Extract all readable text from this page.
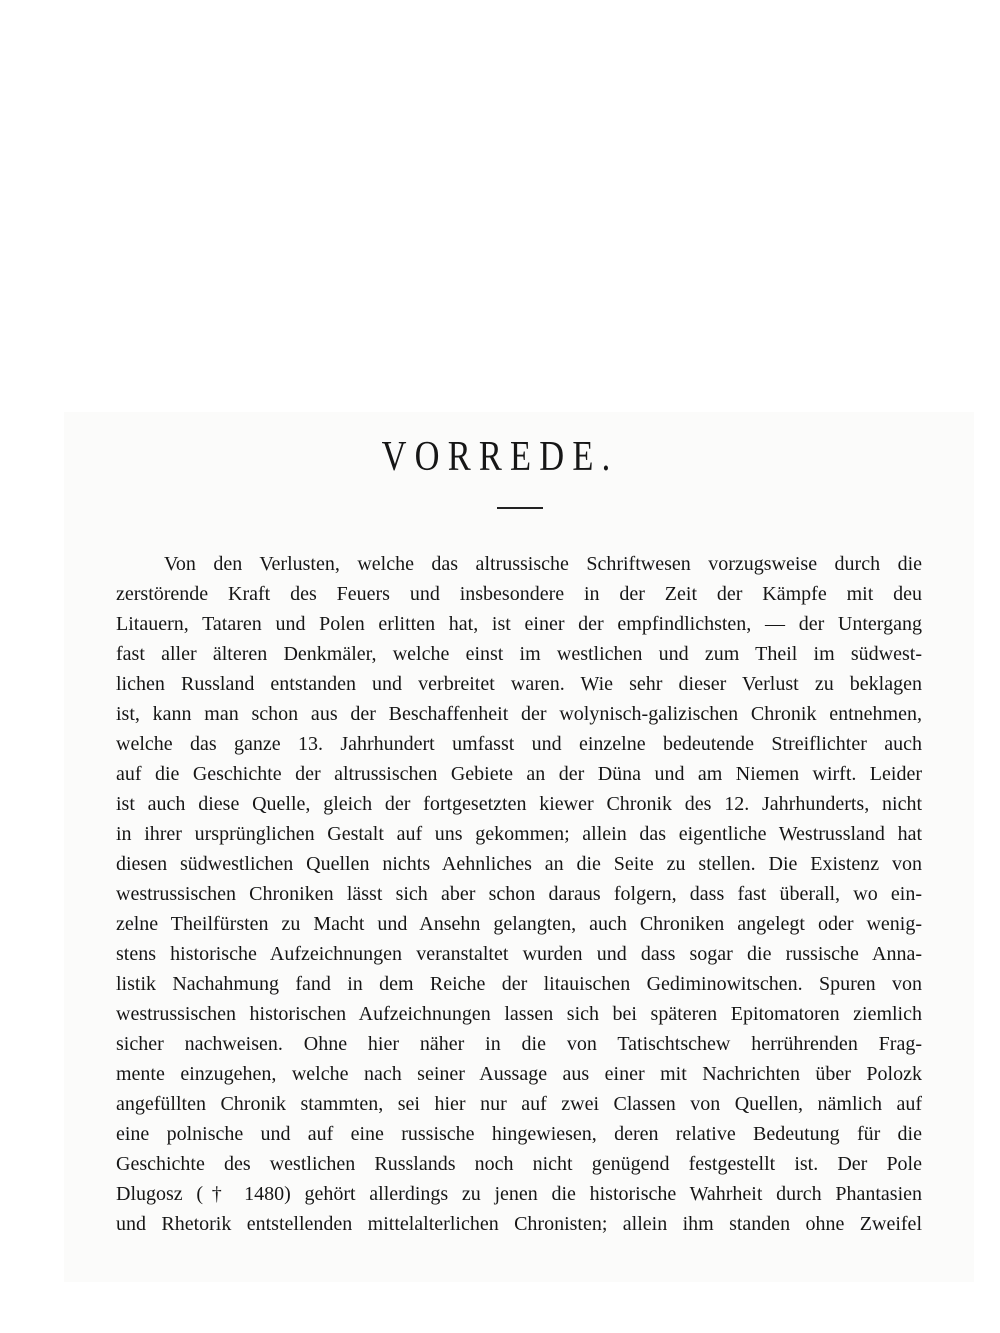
VORREDE.
Von den Verlusten, welche das altrussische Schriftwesen vorzugsweise durch die
zerstörende Kraft des Feuers und insbesondere in der Zeit der Kämpfe mit deu
Litauern, Tataren und Polen erlitten hat, ist einer der empfindlichsten, — der Untergang
fast aller älteren Denkmäler, welche einst im westlichen und zum Theil im südwest-
lichen Russland entstanden und verbreitet waren. Wie sehr dieser Verlust zu beklagen
ist, kann man schon aus der Beschaffenheit der wolynisch-galizischen Chronik entnehmen,
welche das ganze 13. Jahrhundert umfasst und einzelne bedeutende Streiflichter auch
auf die Geschichte der altrussischen Gebiete an der Düna und am Niemen wirft. Leider
ist auch diese Quelle, gleich der fortgesetzten kiewer Chronik des 12. Jahrhunderts, nicht
in ihrer ursprünglichen Gestalt auf uns gekommen; allein das eigentliche Westrussland hat
diesen südwestlichen Quellen nichts Aehnliches an die Seite zu stellen. Die Existenz von
westrussischen Chroniken lässt sich aber schon daraus folgern, dass fast überall, wo ein-
zelne Theilfürsten zu Macht und Ansehn gelangten, auch Chroniken angelegt oder wenig-
stens historische Aufzeichnungen veranstaltet wurden und dass sogar die russische Anna-
listik Nachahmung fand in dem Reiche der litauischen Gediminowitschen. Spuren von
westrussischen historischen Aufzeichnungen lassen sich bei späteren Epitomatoren ziemlich
sicher nachweisen. Ohne hier näher in die von Tatischtschew herrührenden Frag-
mente einzugehen, welche nach seiner Aussage aus einer mit Nachrichten über Polozk
angefüllten Chronik stammten, sei hier nur auf zwei Classen von Quellen, nämlich auf
eine polnische und auf eine russische hingewiesen, deren relative Bedeutung für die
Geschichte des westlichen Russlands noch nicht genügend festgestellt ist. Der Pole
Dlugosz († 1480) gehört allerdings zu jenen die historische Wahrheit durch Phantasien
und Rhetorik entstellenden mittelalterlichen Chronisten; allein ihm standen ohne Zweifel
